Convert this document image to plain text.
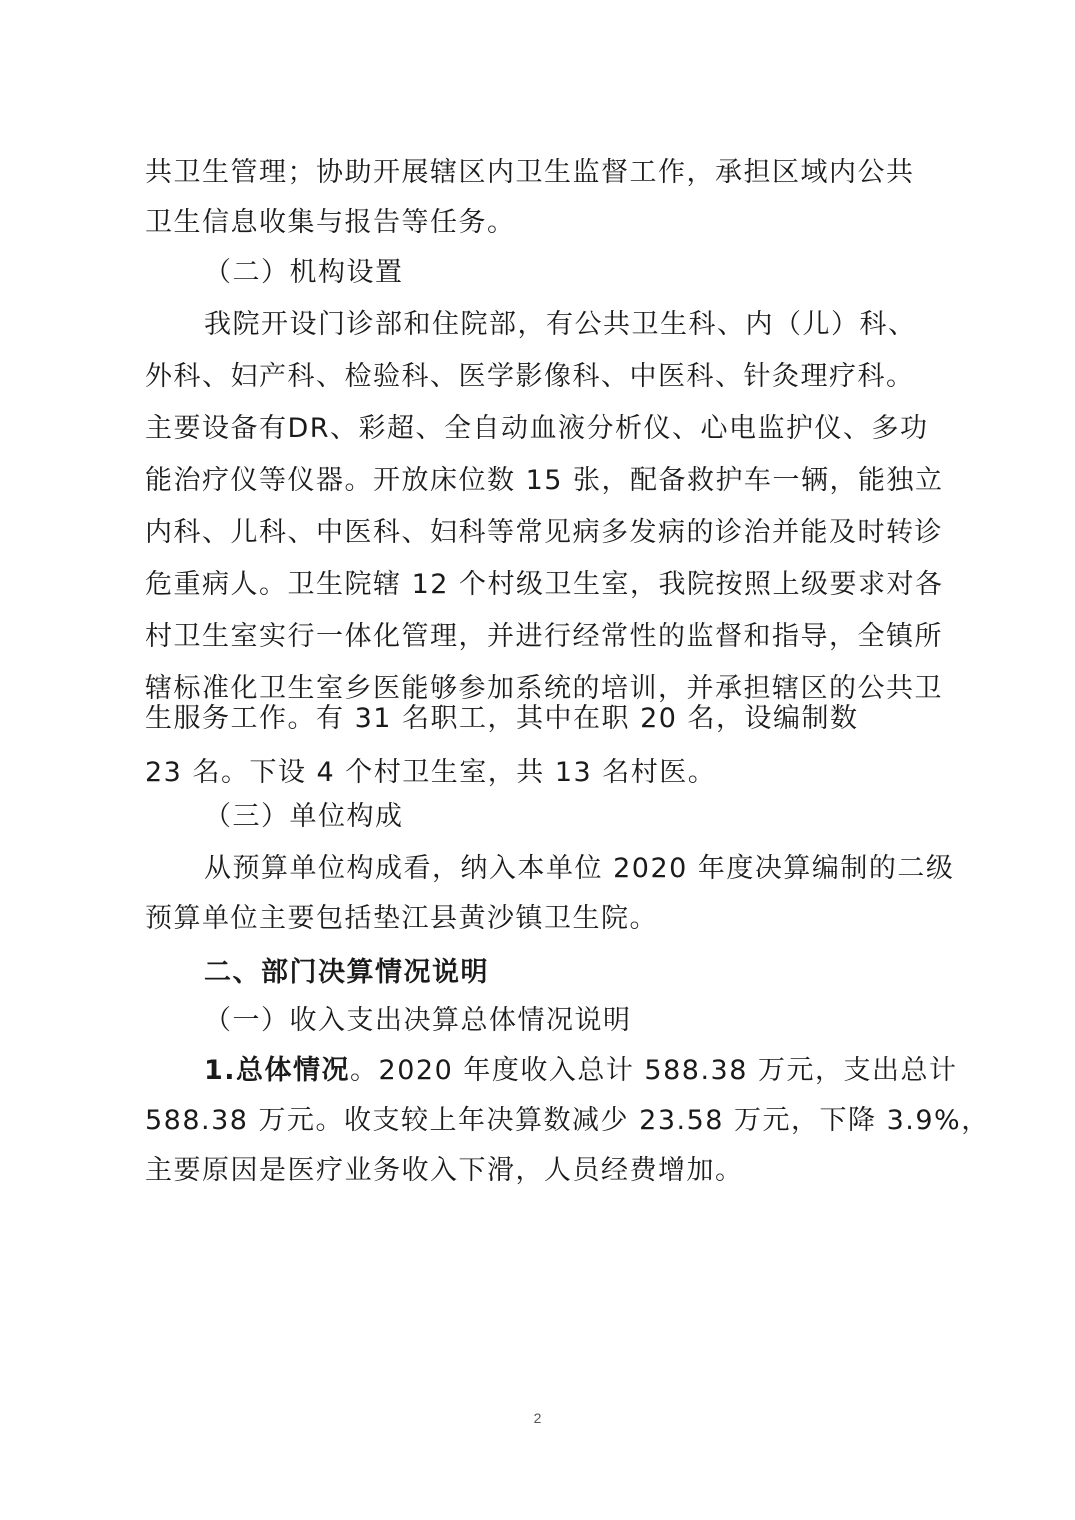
共卫生管理；协助开展辖区内卫生监督工作，承担区域内公共
卫生信息收集与报告等任务。
（二）机构设置
我院开设门诊部和住院部，有公共卫生科、内（儿）科、
外科、妇产科、检验科、医学影像科、中医科、针灸理疗科。
主要设备有DR、彩超、全自动血液分析仪、心电监护仪、多功
能治疗仪等仪器。开放床位数 15 张，配备救护车一辆，能独立
内科、儿科、中医科、妇科等常见病多发病的诊治并能及时转诊
危重病人。卫生院辖 12 个村级卫生室，我院按照上级要求对各
村卫生室实行一体化管理，并进行经常性的监督和指导，全镇所
辖标准化卫生室乡医能够参加系统的培训，并承担辖区的公共卫
生服务工作。有 31 名职工，其中在职 20 名，设编制数
23 名。下设 4 个村卫生室，共 13 名村医。
（三）单位构成
从预算单位构成看，纳入本单位 2020 年度决算编制的二级
预算单位主要包括垫江县黄沙镇卫生院。
二、部门决算情况说明
（一）收入支出决算总体情况说明
1.总体情况。2020 年度收入总计 588.38 万元，支出总计
588.38 万元。收支较上年决算数减少 23.58 万元，下降 3.9%，
主要原因是医疗业务收入下滑，人员经费增加。
2
